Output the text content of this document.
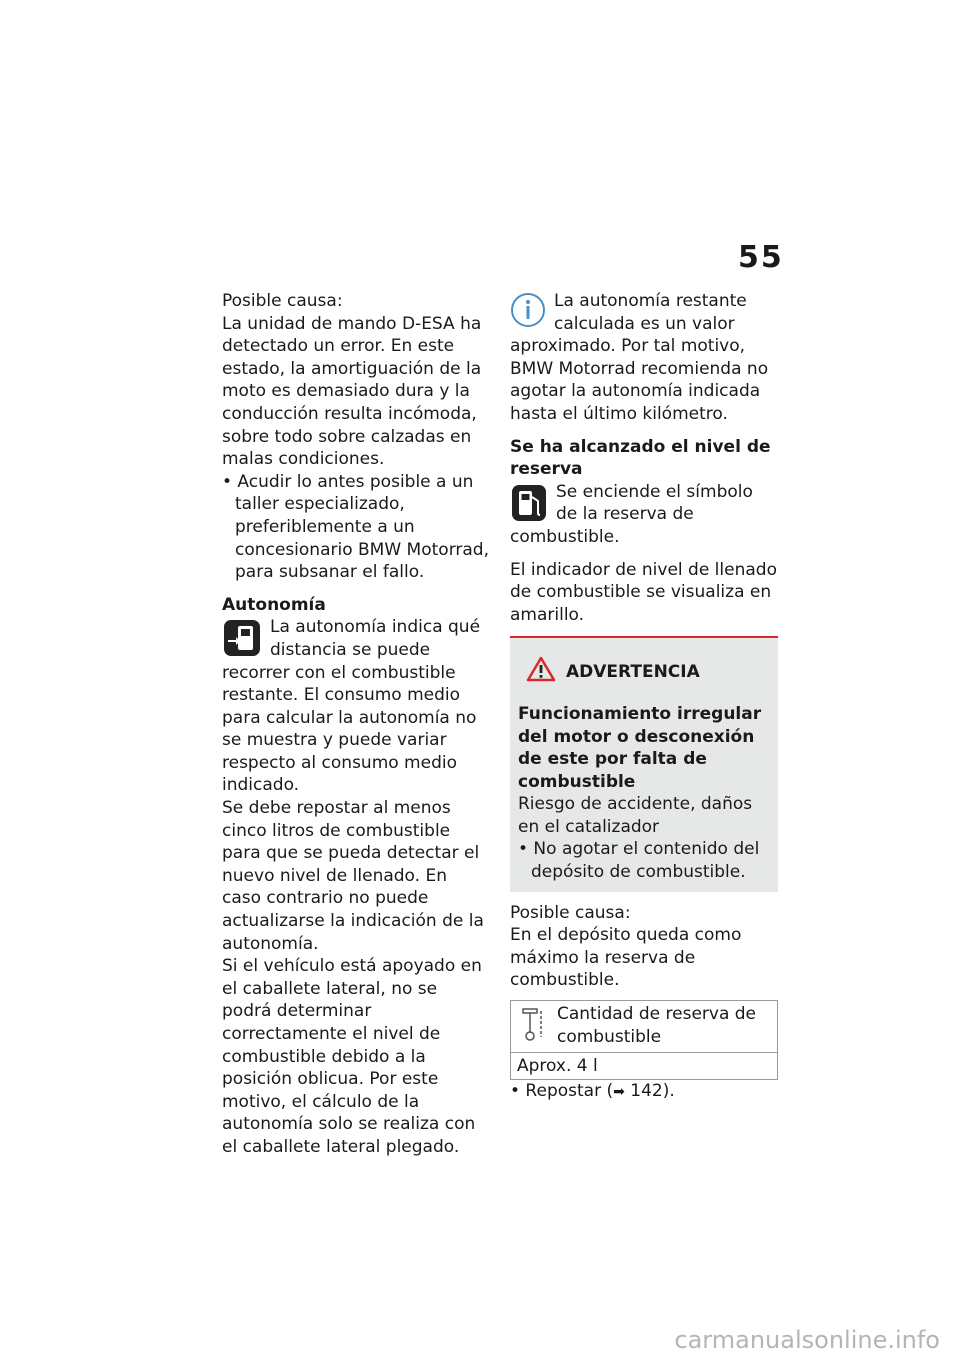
55

Posible causa:

La unidad de mando D-ESA ha detectado un error. En este estado, la amortiguación de la moto es demasiado dura y la conducción resulta incómoda, sobre todo sobre calzadas en malas condiciones.

• Acudir lo antes posible a un taller especializado, preferiblemente a un concesionario BMW Motorrad, para subsanar el fallo.

Autonomía

La autonomía indica qué distancia se puede recorrer con el combustible restante. El consumo medio para calcular la autonomía no se muestra y puede variar respecto al consumo medio indicado.

Se debe repostar al menos cinco litros de combustible para que se pueda detectar el nuevo nivel de llenado. En caso contrario no puede actualizarse la indicación de la autonomía.

Si el vehículo está apoyado en el caballete lateral, no se podrá determinar correctamente el nivel de combustible debido a la posición oblicua. Por este motivo, el cálculo de la autonomía solo se realiza con el caballete lateral plegado.

La autonomía restante calculada es un valor aproximado. Por tal motivo, BMW Motorrad recomienda no agotar la autonomía indicada hasta el último kilómetro.

Se ha alcanzado el nivel de reserva

Se enciende el símbolo de la reserva de combustible.

El indicador de nivel de llenado de combustible se visualiza en amarillo.

ADVERTENCIA

Funcionamiento irregular del motor o desconexión de este por falta de combustible

Riesgo de accidente, daños en el catalizador

• No agotar el contenido del depósito de combustible.

Posible causa:

En el depósito queda como máximo la reserva de combustible.

Cantidad de reserva de combustible

Aprox. 4 l

• Repostar (➡ 142).

carmanualsonline.info
